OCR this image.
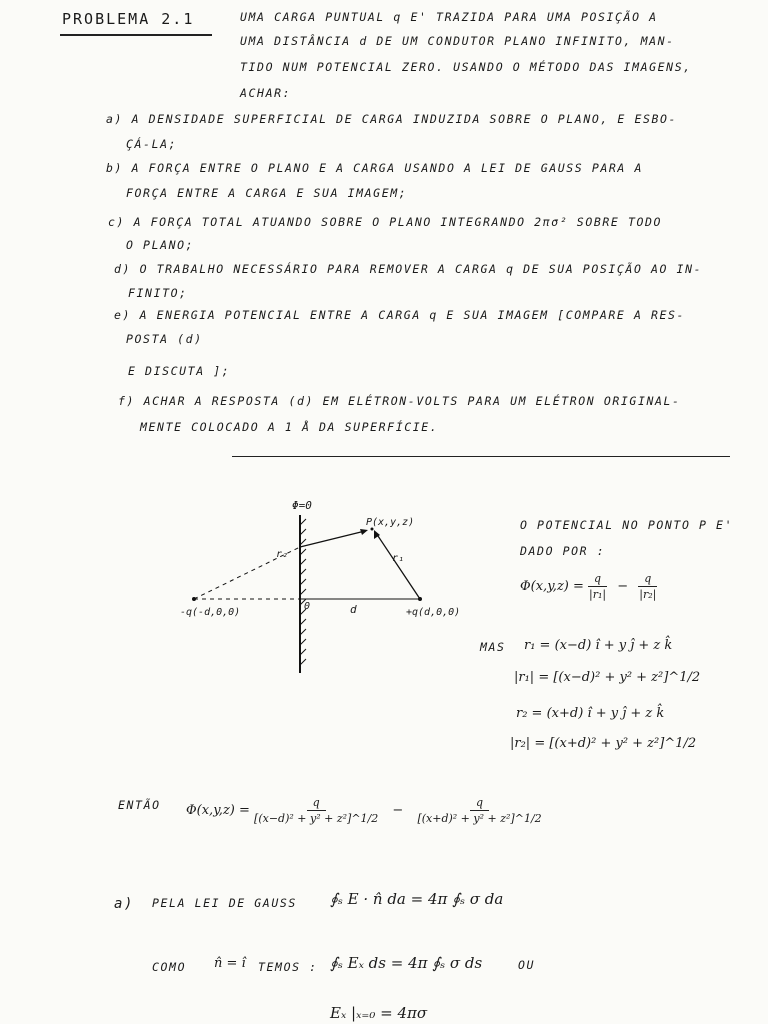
PROBLEMA 2.1	UMA CARGA PUNTUAL q E' TRAZIDA PARA UMA POSIÇÃO A
UMA DISTÂNCIA d DE UM CONDUTOR PLANO INFINITO, MAN-
TIDO NUM POTENCIAL ZERO. USANDO O MÉTODO DAS IMAGENS,
ACHAR:
a) A DENSIDADE SUPERFICIAL DE CARGA INDUZIDA SOBRE O PLANO, E ESBO-
ÇÁ-LA;
b) A FORÇA ENTRE O PLANO E A CARGA USANDO A LEI DE GAUSS PARA A
FORÇA ENTRE A CARGA E SUA IMAGEM;
c) A FORÇA TOTAL ATUANDO SOBRE O PLANO INTEGRANDO 2πσ² SOBRE TODO
O PLANO;
d) O TRABALHO NECESSÁRIO PARA REMOVER A CARGA q DE SUA POSIÇÃO AO IN-
FINITO;
e) A ENERGIA POTENCIAL ENTRE A CARGA q E SUA IMAGEM [COMPARE A RES-
POSTA (d)
E DISCUTA ];
f) ACHAR A RESPOSTA (d) EM ELÉTRON-VOLTS PARA UM ELÉTRON ORIGINAL-
MENTE COLOCADO A 1 Å DA SUPERFÍCIE.
Φ=0
P(x,y,z)
r₂	r₁
0	d
-q(-d,0,0)	+q(d,0,0)
O POTENCIAL NO PONTO P E'
DADO POR :
$\Phi(x,y,z) = \frac{q}{\text{|r₁|}} - \frac{q}{\text{|r₂|}}$
MAS r₁ = (x−d) î + y ĵ + z k̂
|r₁| = [(x−d)² + y² + z²]^1/2
r₂ = (x+d) î + y ĵ + z k̂
|r₂| = [(x+d)² + y² + z²]^1/2
ENTÃO $\Phi(x,y,z) = \frac{q}{\text{[(x−d)² + y² + z²]\textasciicircum{}1/2}} - \frac{q}{\text{[(x+d)² + y² + z²]\textasciicircum{}1/2}}$
a) PELA LEI DE GAUSS ∮ₛ E · n̂ da = 4π ∮ₛ σ da
COMO n̂ = î TEMOS : ∮ₛ Eₓ ds = 4π ∮ₛ σ ds	OU
Eₓ |ₓ₌₀ = 4πσ
